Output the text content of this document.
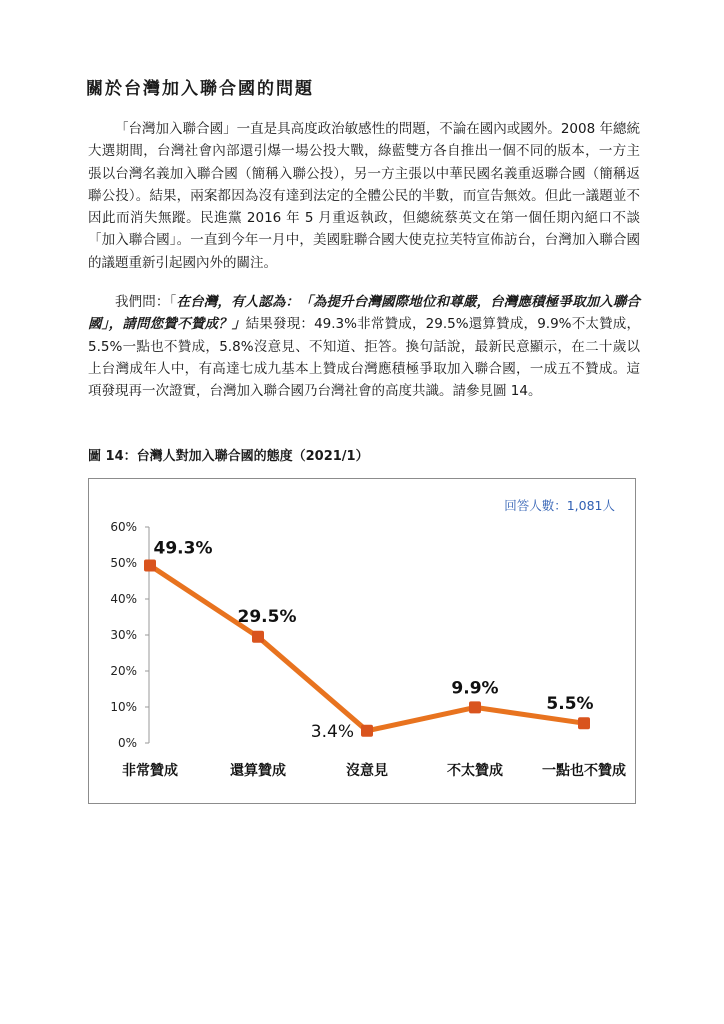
關於台灣加入聯合國的問題

「台灣加入聯合國」一直是具高度政治敏感性的問題，不論在國內或國外。2008 年總統大選期間，台灣社會內部還引爆一場公投大戰，綠藍雙方各自推出一個不同的版本，一方主張以台灣名義加入聯合國（簡稱入聯公投），另一方主張以中華民國名義重返聯合國（簡稱返聯公投）。結果，兩案都因為沒有達到法定的全體公民的半數，而宣告無效。但此一議題並不因此而消失無蹤。民進黨 2016 年 5 月重返執政，但總統蔡英文在第一個任期內絕口不談「加入聯合國」。一直到今年一月中，美國駐聯合國大使克拉芙特宣佈訪台，台灣加入聯合國的議題重新引起國內外的關注。

我們問：「在台灣，有人認為：「為提升台灣國際地位和尊嚴，台灣應積極爭取加入聯合國」，請問您贊不贊成？」結果發現：49.3%非常贊成，29.5%還算贊成，9.9%不太贊成，5.5%一點也不贊成，5.8%沒意見、不知道、拒答。換句話說，最新民意顯示，在二十歲以上台灣成年人中，有高達七成九基本上贊成台灣應積極爭取加入聯合國，一成五不贊成。這項發現再一次證實，台灣加入聯合國乃台灣社會的高度共識。請參見圖 14。

圖 14：台灣人對加入聯合國的態度（2021/1）

0%
10%
20%
30%
40%
50%
60%
回答人數：1,081人
49.3%
29.5%
3.4%
9.9%
5.5%
非常贊成	還算贊成	沒意見	不太贊成	一點也不贊成
